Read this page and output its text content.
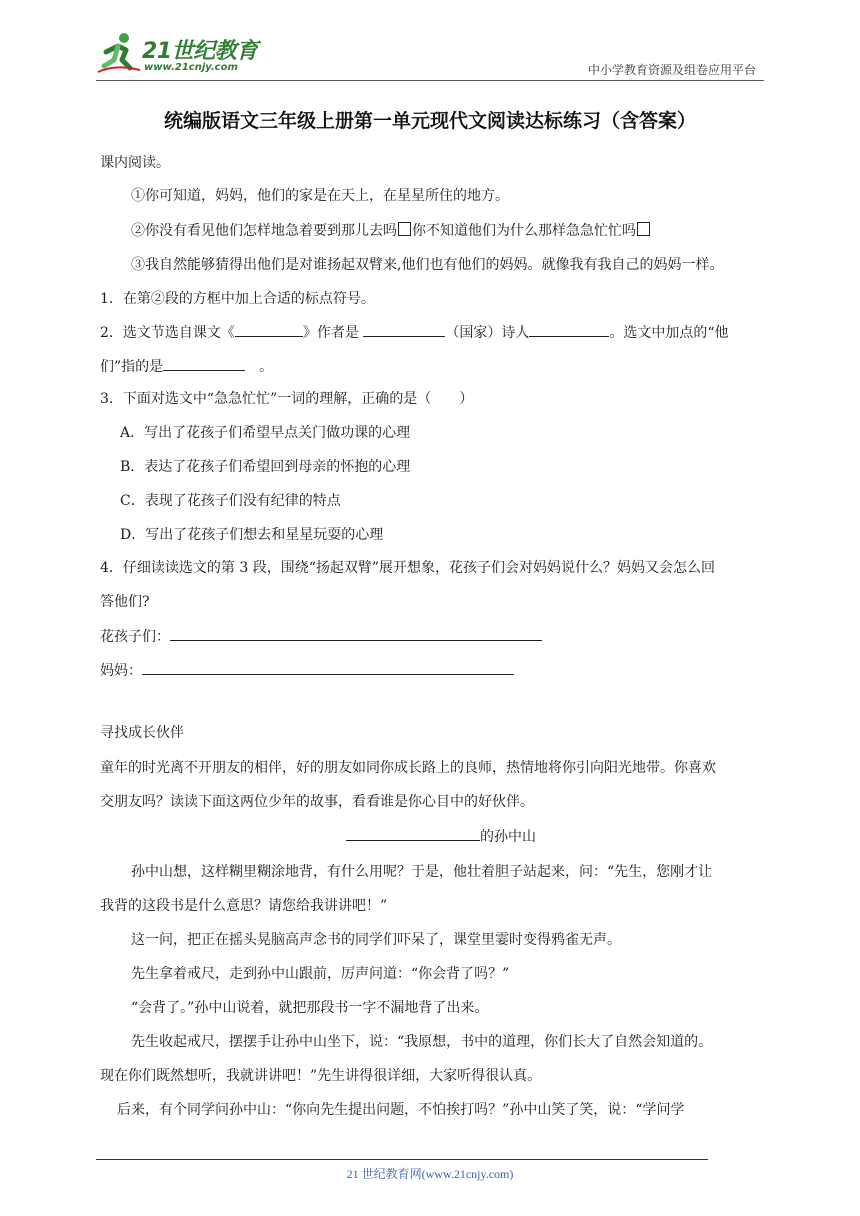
21世纪教育
www.21cnjy.com	中小学教育资源及组卷应用平台
统编版语文三年级上册第一单元现代文阅读达标练习（含答案）
课内阅读。
①你可知道，妈妈，他们的家是在天上，在星星所住的地方。
②你没有看见他们怎样地急着要到那儿去吗 你不知道他们为什么那样急急忙忙吗
③我自然能够猜得出他们是对谁扬起双臂来,他们也有他们的妈妈。就像我有我自己的妈妈一样。
1．在第②段的方框中加上合适的标点符号。
2．选文节选自课文《	》作者是	（国家）诗人	。选文中加点的“他
们”指的是　	。
3．下面对选文中“急急忙忙”一词的理解，正确的是（　　）
A．写出了花孩子们希望早点关门做功课的心理
B．表达了花孩子们希望回到母亲的怀抱的心理
C．表现了花孩子们没有纪律的特点
D．写出了花孩子们想去和星星玩耍的心理
4．仔细读读选文的第 3 段，围绕“扬起双臂”展开想象，花孩子们会对妈妈说什么？妈妈又会怎么回
答他们?
花孩子们：
妈妈：
寻找成长伙伴
童年的时光离不开朋友的相伴，好的朋友如同你成长路上的良师，热情地将你引向阳光地带。你喜欢
交朋友吗？读读下面这两位少年的故事，看看谁是你心目中的好伙伴。
的孙中山
孙中山想，这样糊里糊涂地背，有什么用呢？于是，他壮着胆子站起来，问：“先生，您刚才让
我背的这段书是什么意思？请您给我讲讲吧！”
这一问，把正在摇头晃脑高声念书的同学们吓呆了，课堂里霎时变得鸦雀无声。
先生拿着戒尺，走到孙中山跟前，厉声问道：“你会背了吗？”
“会背了。”孙中山说着，就把那段书一字不漏地背了出来。
先生收起戒尺，摆摆手让孙中山坐下，说：“我原想，书中的道理，你们长大了自然会知道的。
现在你们既然想听，我就讲讲吧！”先生讲得很详细，大家听得很认真。
后来，有个同学问孙中山：“你向先生提出问题，不怕挨打吗？”孙中山笑了笑，说：“学问学
21 世纪教育网(www.21cnjy.com)
